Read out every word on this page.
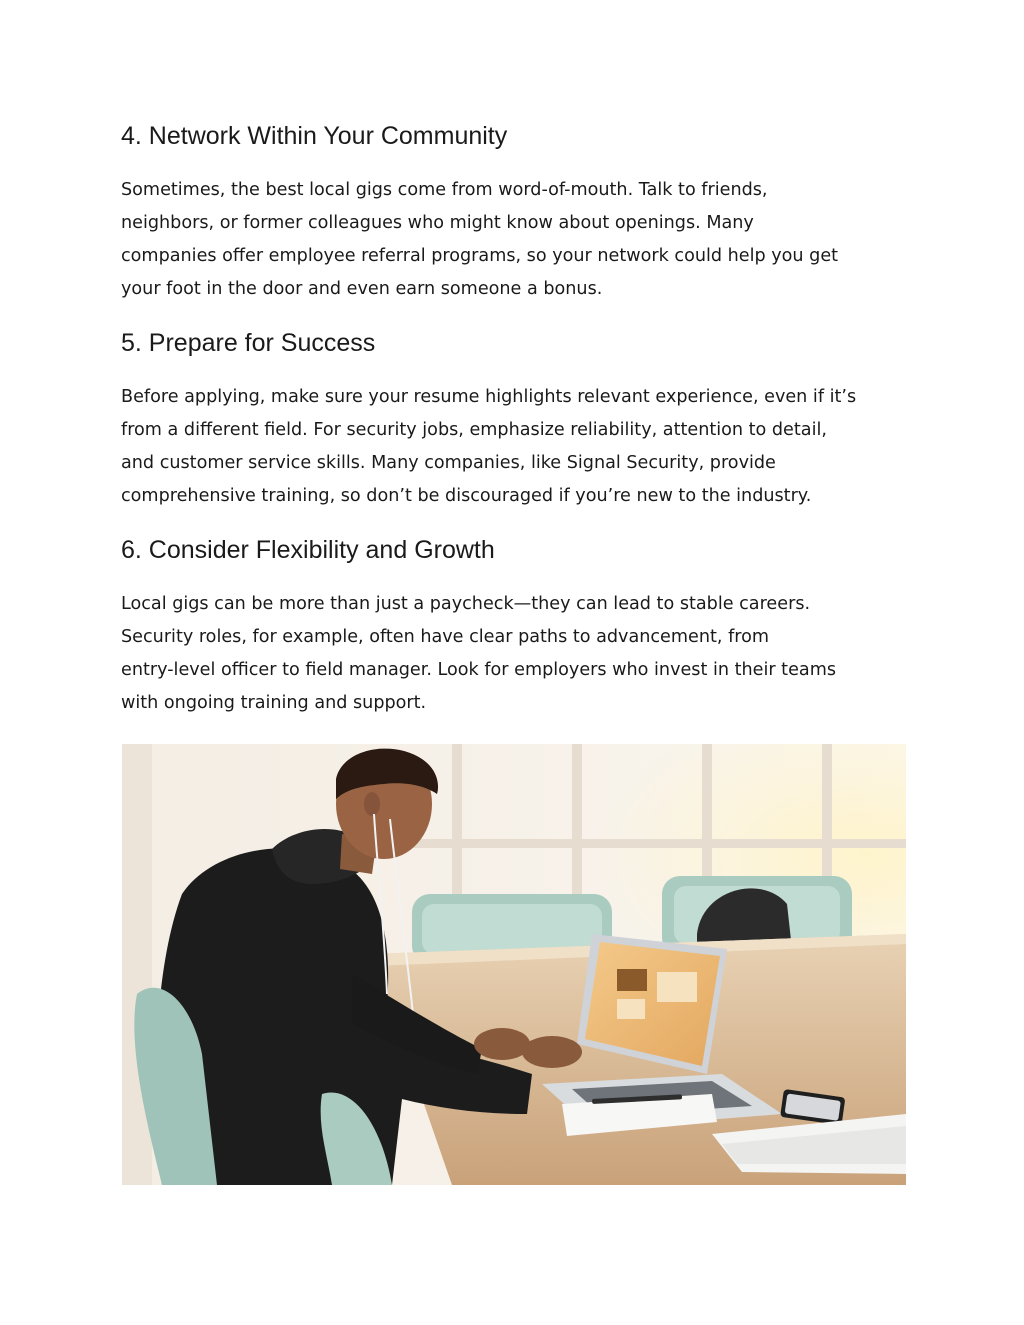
4. Network Within Your Community

Sometimes, the best local gigs come from word-of-mouth. Talk to friends,
neighbors, or former colleagues who might know about openings. Many
companies offer employee referral programs, so your network could help you get
your foot in the door and even earn someone a bonus.

5. Prepare for Success

Before applying, make sure your resume highlights relevant experience, even if it’s
from a different field. For security jobs, emphasize reliability, attention to detail,
and customer service skills. Many companies, like Signal Security, provide
comprehensive training, so don’t be discouraged if you’re new to the industry.

6. Consider Flexibility and Growth

Local gigs can be more than just a paycheck—they can lead to stable careers.
Security roles, for example, often have clear paths to advancement, from
entry-level officer to field manager. Look for employers who invest in their teams
with ongoing training and support.
